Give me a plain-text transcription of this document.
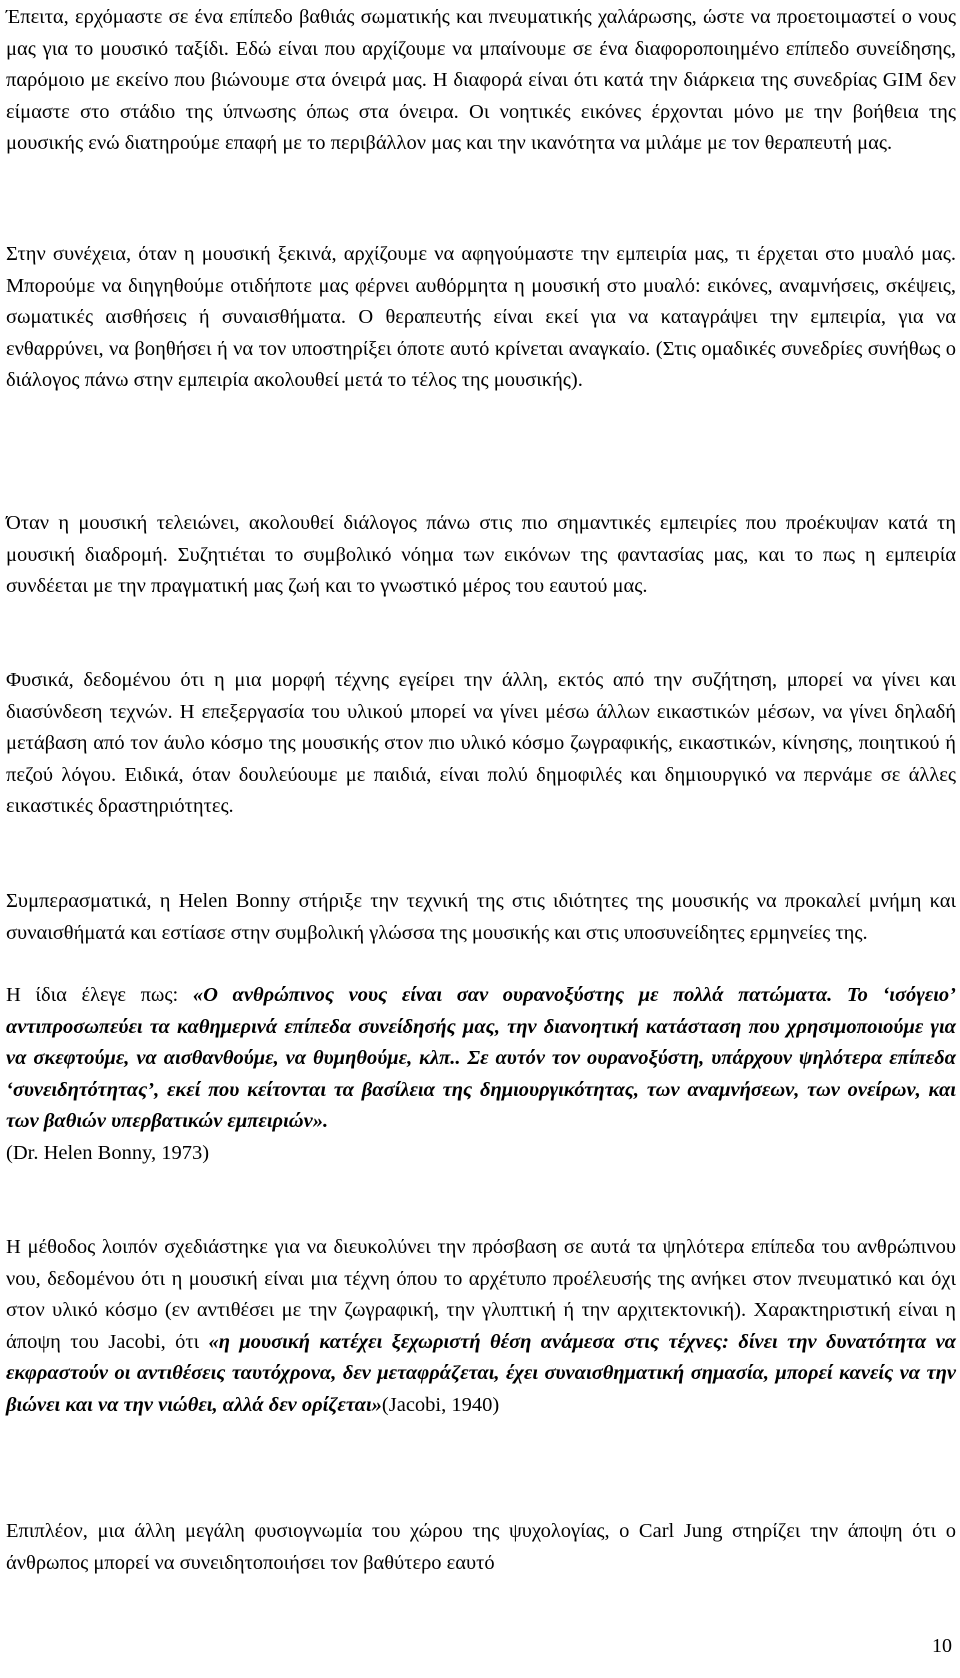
Έπειτα, ερχόμαστε σε ένα επίπεδο βαθιάς σωματικής και πνευματικής χαλάρωσης, ώστε να προετοιμαστεί ο νους μας για το μουσικό ταξίδι. Εδώ είναι που αρχίζουμε να μπαίνουμε σε ένα διαφοροποιημένο επίπεδο συνείδησης, παρόμοιο με εκείνο που βιώνουμε στα όνειρά μας. Η διαφορά είναι ότι κατά την διάρκεια της συνεδρίας GIM δεν είμαστε στο στάδιο της ύπνωσης όπως στα όνειρα. Οι νοητικές εικόνες έρχονται μόνο με την βοήθεια της μουσικής ενώ διατηρούμε επαφή με το περιβάλλον μας και την ικανότητα να μιλάμε με τον θεραπευτή μας.

Στην συνέχεια, όταν η μουσική ξεκινά, αρχίζουμε να αφηγούμαστε την εμπειρία μας, τι έρχεται στο μυαλό μας. Μπορούμε να διηγηθούμε οτιδήποτε μας φέρνει αυθόρμητα η μουσική στο μυαλό: εικόνες, αναμνήσεις, σκέψεις, σωματικές αισθήσεις ή συναισθήματα. Ο θεραπευτής είναι εκεί για να καταγράψει την εμπειρία, για να ενθαρρύνει, να βοηθήσει ή να τον υποστηρίξει όποτε αυτό κρίνεται αναγκαίο. (Στις ομαδικές συνεδρίες συνήθως ο διάλογος πάνω στην εμπειρία ακολουθεί μετά το τέλος της μουσικής).

Όταν η μουσική τελειώνει, ακολουθεί διάλογος πάνω στις πιο σημαντικές εμπειρίες που προέκυψαν κατά τη μουσική διαδρομή. Συζητιέται το συμβολικό νόημα των εικόνων της φαντασίας μας, και το πως η εμπειρία συνδέεται με την πραγματική μας ζωή και το γνωστικό μέρος του εαυτού μας.

Φυσικά, δεδομένου ότι η μια μορφή τέχνης εγείρει την άλλη, εκτός από την συζήτηση, μπορεί να γίνει και διασύνδεση τεχνών. Η επεξεργασία του υλικού μπορεί να γίνει μέσω άλλων εικαστικών μέσων, να γίνει δηλαδή μετάβαση από τον άυλο κόσμο της μουσικής στον πιο υλικό κόσμο ζωγραφικής, εικαστικών, κίνησης, ποιητικού ή πεζού λόγου. Ειδικά, όταν δουλεύουμε με παιδιά, είναι πολύ δημοφιλές και δημιουργικό να περνάμε σε άλλες εικαστικές δραστηριότητες.

Συμπερασματικά, η Helen Bonny στήριξε την τεχνική της στις ιδιότητες της μουσικής να προκαλεί μνήμη και συναισθήματά και εστίασε στην συμβολική γλώσσα της μουσικής και στις υποσυνείδητες ερμηνείες της.

Η ίδια έλεγε πως: «Ο ανθρώπινος νους είναι σαν ουρανοξύστης με πολλά πατώματα. Το ‘ισόγειο’ αντιπροσωπεύει τα καθημερινά επίπεδα συνείδησής μας, την διανοητική κατάσταση που χρησιμοποιούμε για να σκεφτούμε, να αισθανθούμε, να θυμηθούμε, κλπ.. Σε αυτόν τον ουρανοξύστη, υπάρχουν ψηλότερα επίπεδα ‘συνειδητότητας’, εκεί που κείτονται τα βασίλεια της δημιουργικότητας, των αναμνήσεων, των ονείρων, και των βαθιών υπερβατικών εμπειριών».
(Dr. Helen Bonny, 1973)

Η μέθοδος λοιπόν σχεδιάστηκε για να διευκολύνει την πρόσβαση σε αυτά τα ψηλότερα επίπεδα του ανθρώπινου νου, δεδομένου ότι η μουσική είναι μια τέχνη όπου το αρχέτυπο προέλευσής της ανήκει στον πνευματικό και όχι στον υλικό κόσμο (εν αντιθέσει με την ζωγραφική, την γλυπτική ή την αρχιτεκτονική). Χαρακτηριστική είναι η άποψη του Jacobi, ότι «η μουσική κατέχει ξεχωριστή θέση ανάμεσα στις τέχνες: δίνει την δυνατότητα να εκφραστούν οι αντιθέσεις ταυτόχρονα, δεν μεταφράζεται, έχει συναισθηματική σημασία, μπορεί κανείς να την βιώνει και να την νιώθει, αλλά δεν ορίζεται»(Jacobi, 1940)

Επιπλέον, μια άλλη μεγάλη φυσιογνωμία του χώρου της ψυχολογίας, ο Carl Jung στηρίζει την άποψη ότι ο άνθρωπος μπορεί να συνειδητοποιήσει τον βαθύτερο εαυτό

10
